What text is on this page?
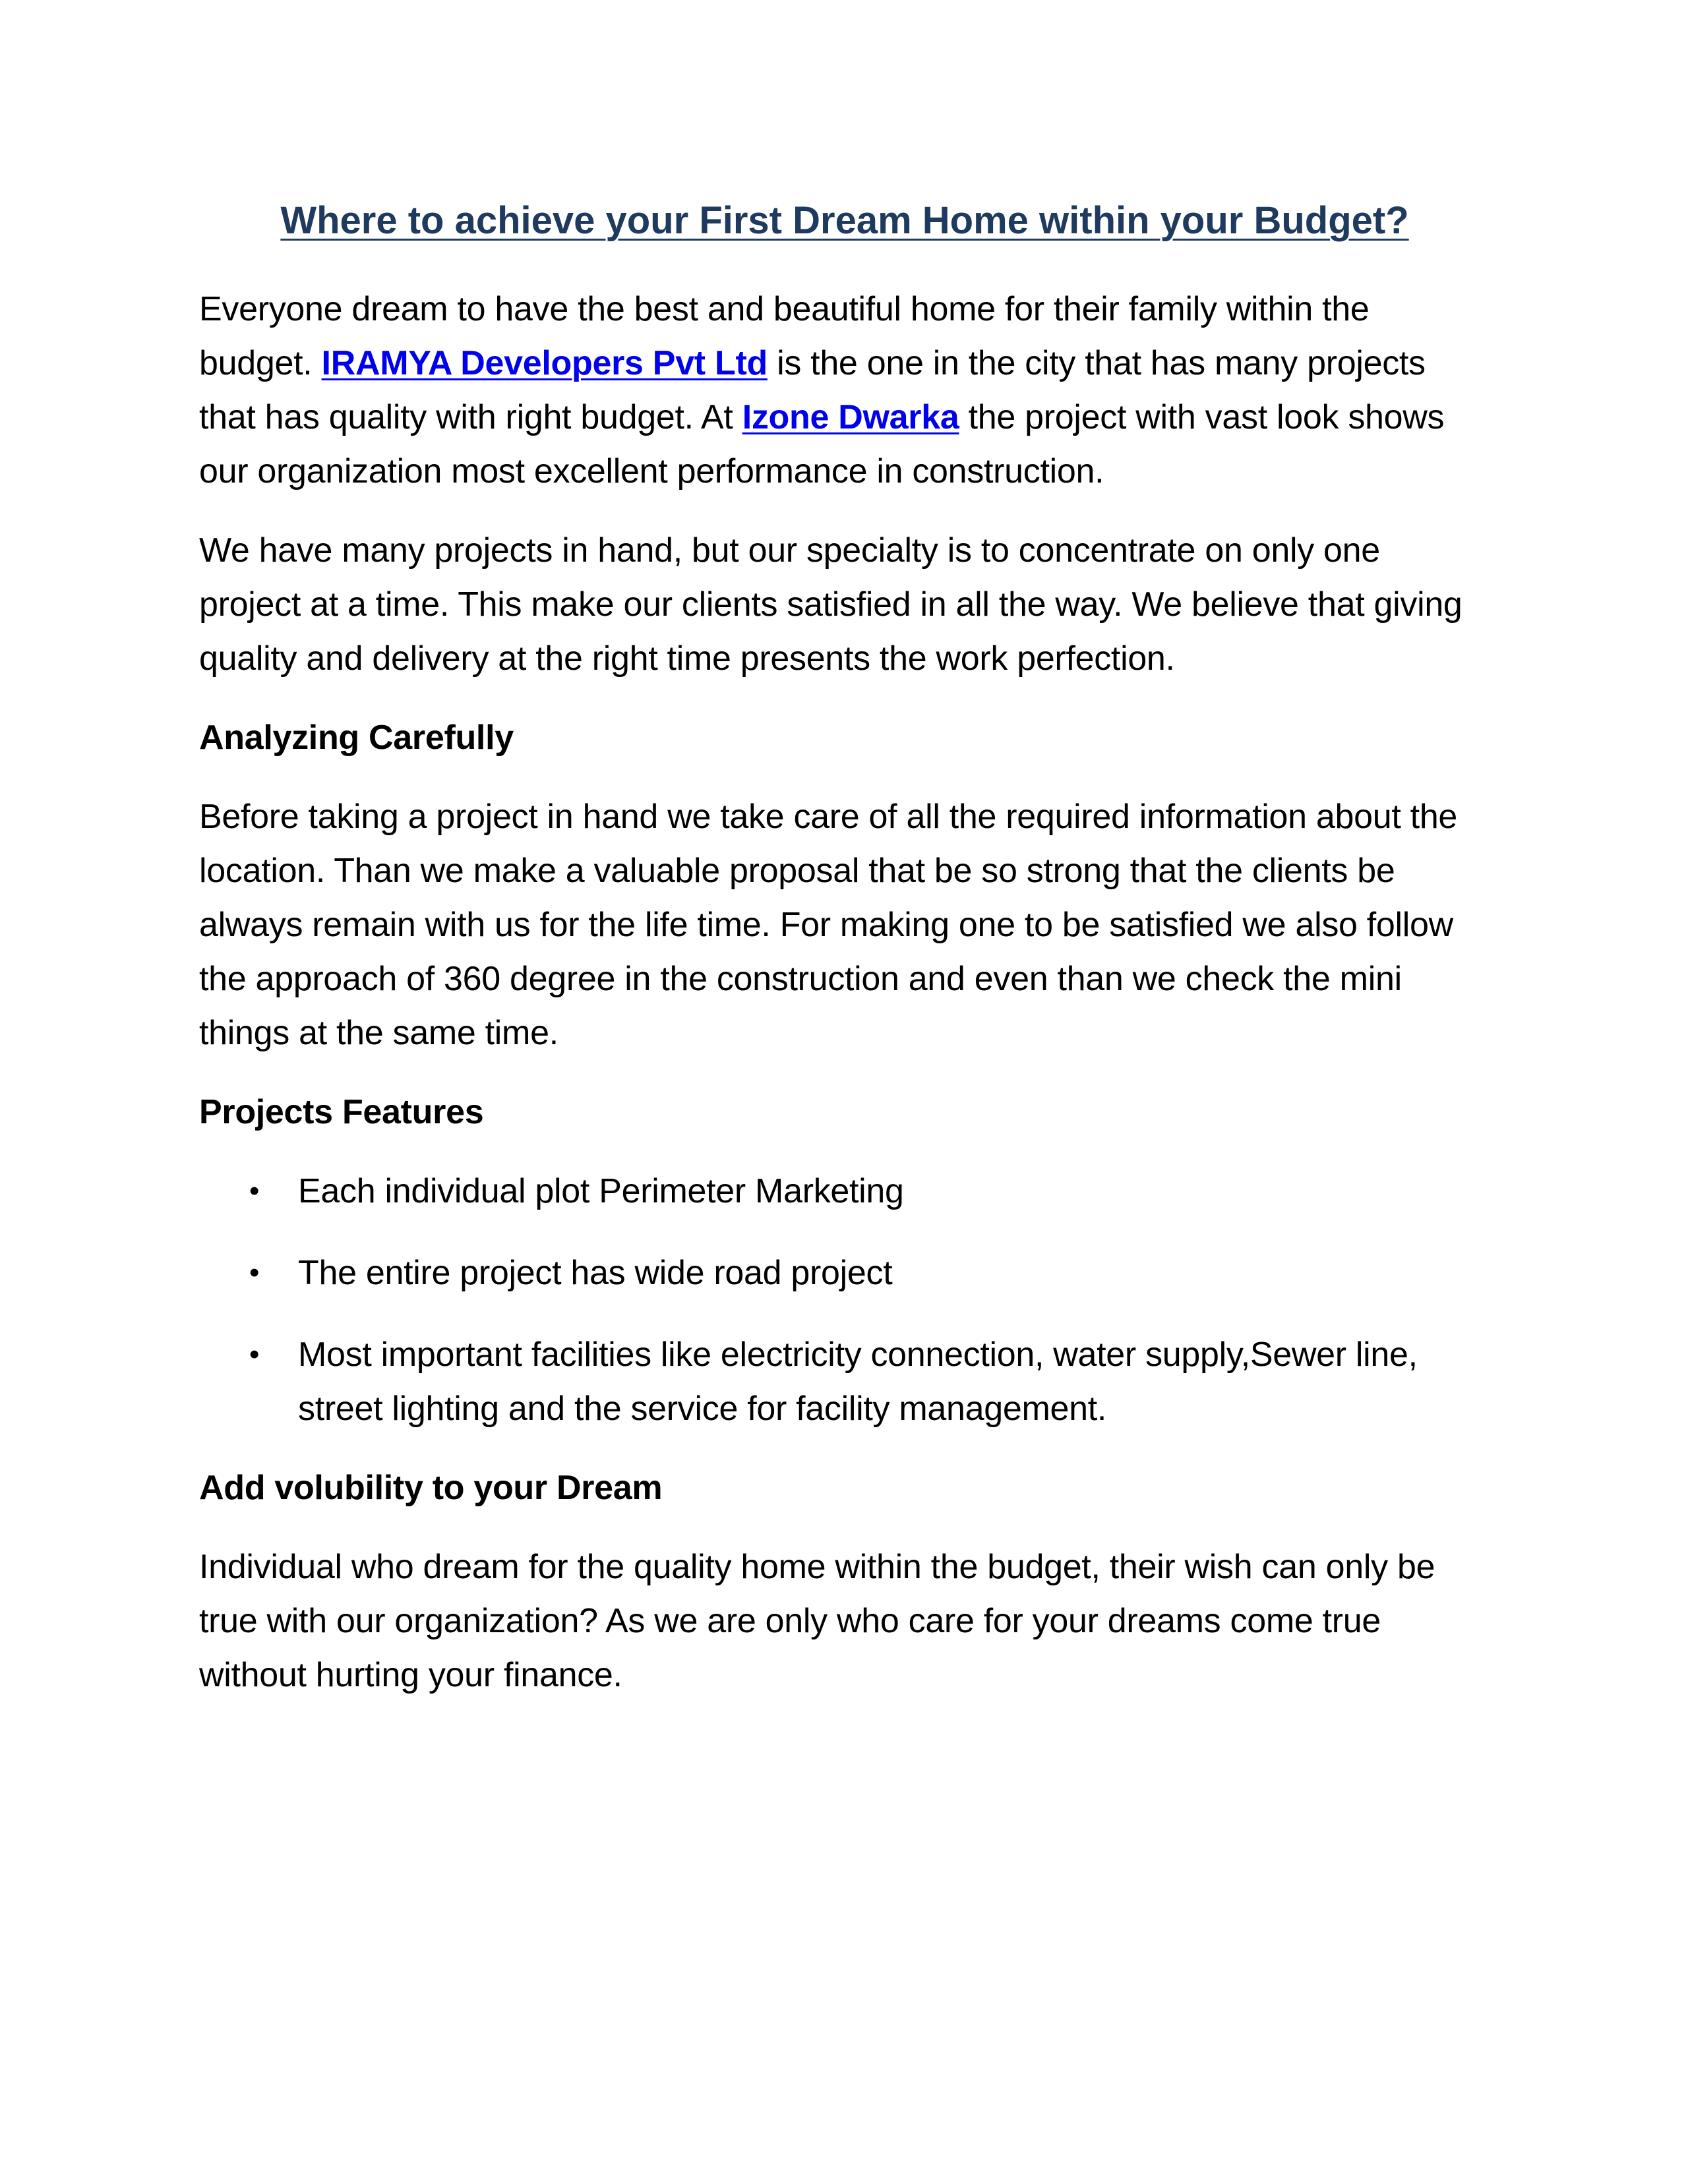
Where to achieve your First Dream Home within your Budget?

Everyone dream to have the best and beautiful home for their family within the budget. IRAMYA Developers Pvt Ltd is the one in the city that has many projects that has quality with right budget. At Izone Dwarka the project with vast look shows our organization most excellent performance in construction.

We have many projects in hand, but our specialty is to concentrate on only one project at a time. This make our clients satisfied in all the way. We believe that giving quality and delivery at the right time presents the work perfection.

Analyzing Carefully

Before taking a project in hand we take care of all the required information about the location. Than we make a valuable proposal that be so strong that the clients be always remain with us for the life time. For making one to be satisfied we also follow the approach of 360 degree in the construction and even than we check the mini things at the same time.

Projects Features
• Each individual plot Perimeter Marketing
• The entire project has wide road project
• Most important facilities like electricity connection, water supply,Sewer line, street lighting and the service for facility management.
Add volubility to your Dream

Individual who dream for the quality home within the budget, their wish can only be true with our organization? As we are only who care for your dreams come true without hurting your finance.
